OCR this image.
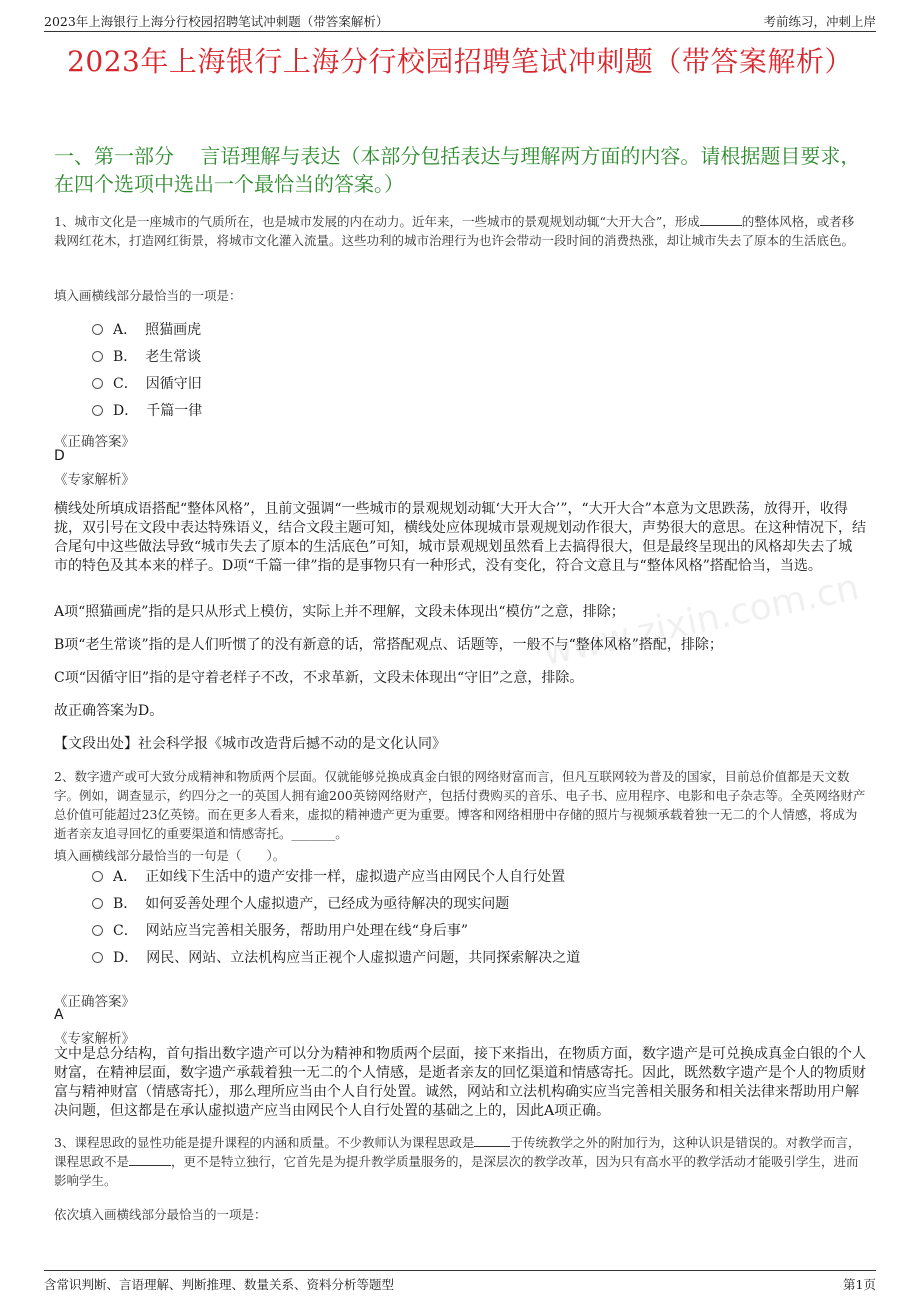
2023年上海银行上海分行校园招聘笔试冲刺题（带答案解析）	考前练习，冲刺上岸
2023年上海银行上海分行校园招聘笔试冲刺题（带答案解析）
一、第一部分　 言语理解与表达（本部分包括表达与理解两方面的内容。请根据题目要求，在四个选项中选出一个最恰当的答案。）
1、城市文化是一座城市的气质所在，也是城市发展的内在动力。近年来，一些城市的景观规划动辄“大开大合”，形成	的整体风格，或者移栽网红花木，打造网红街景，将城市文化灌入流量。这些功利的城市治理行为也许会带动一段时间的消费热涨，却让城市失去了原本的生活底色。
填入画横线部分最恰当的一项是：
A． 照猫画虎
B． 老生常谈
C． 因循守旧
D． 千篇一律
《正确答案》
D
《专家解析》
横线处所填成语搭配“整体风格”，且前文强调“一些城市的景观规划动辄‘大开大合’”，“大开大合”本意为文思跌荡，放得开，收得拢，双引号在文段中表达特殊语义，结合文段主题可知，横线处应体现城市景观规划动作很大，声势很大的意思。在这种情况下，结合尾句中这些做法导致“城市失去了原本的生活底色”可知，城市景观规划虽然看上去搞得很大，但是最终呈现出的风格却失去了城市的特色及其本来的样子。D项“千篇一律”指的是事物只有一种形式，没有变化，符合文意且与“整体风格”搭配恰当，当选。
A项“照猫画虎”指的是只从形式上模仿，实际上并不理解，文段未体现出“模仿”之意，排除；
B项“老生常谈”指的是人们听惯了的没有新意的话，常搭配观点、话题等，一般不与“整体风格”搭配，排除；
C项“因循守旧”指的是守着老样子不改，不求革新，文段未体现出“守旧”之意，排除。
故正确答案为D。
【文段出处】社会科学报《城市改造背后撼不动的是文化认同》
www.zixin.com.cn
2、数字遗产或可大致分成精神和物质两个层面。仅就能够兑换成真金白银的网络财富而言，但凡互联网较为普及的国家，目前总价值都是天文数字。例如，调查显示，约四分之一的英国人拥有逾200英镑网络财产，包括付费购买的音乐、电子书、应用程序、电影和电子杂志等。全英网络财产总价值可能超过23亿英镑。而在更多人看来，虚拟的精神遗产更为重要。博客和网络相册中存储的照片与视频承载着独一无二的个人情感，将成为逝者亲友追寻回忆的重要渠道和情感寄托。_______。
填入画横线部分最恰当的一句是（　　）。
A． 正如线下生活中的遗产安排一样，虚拟遗产应当由网民个人自行处置
B． 如何妥善处理个人虚拟遗产，已经成为亟待解决的现实问题
C． 网站应当完善相关服务，帮助用户处理在线“身后事”
D． 网民、网站、立法机构应当正视个人虚拟遗产问题，共同探索解决之道
《正确答案》
A
《专家解析》
文中是总分结构，首句指出数字遗产可以分为精神和物质两个层面，接下来指出，在物质方面，数字遗产是可兑换成真金白银的个人财富，在精神层面，数字遗产承载着独一无二的个人情感，是逝者亲友的回忆渠道和情感寄托。因此，既然数字遗产是个人的物质财富与精神财富（情感寄托），那么理所应当由个人自行处置。诚然，网站和立法机构确实应当完善相关服务和相关法律来帮助用户解决问题，但这都是在承认虚拟遗产应当由网民个人自行处置的基础之上的，因此A项正确。
3、课程思政的显性功能是提升课程的内涵和质量。不少教师认为课程思政是	于传统教学之外的附加行为，这种认识是错误的。对教学而言，课程思政不是	，更不是特立独行，它首先是为提升教学质量服务的，是深层次的教学改革，因为只有高水平的教学活动才能吸引学生，进而影响学生。
依次填入画横线部分最恰当的一项是：
含常识判断、言语理解、判断推理、数量关系、资料分析等题型	第1页
